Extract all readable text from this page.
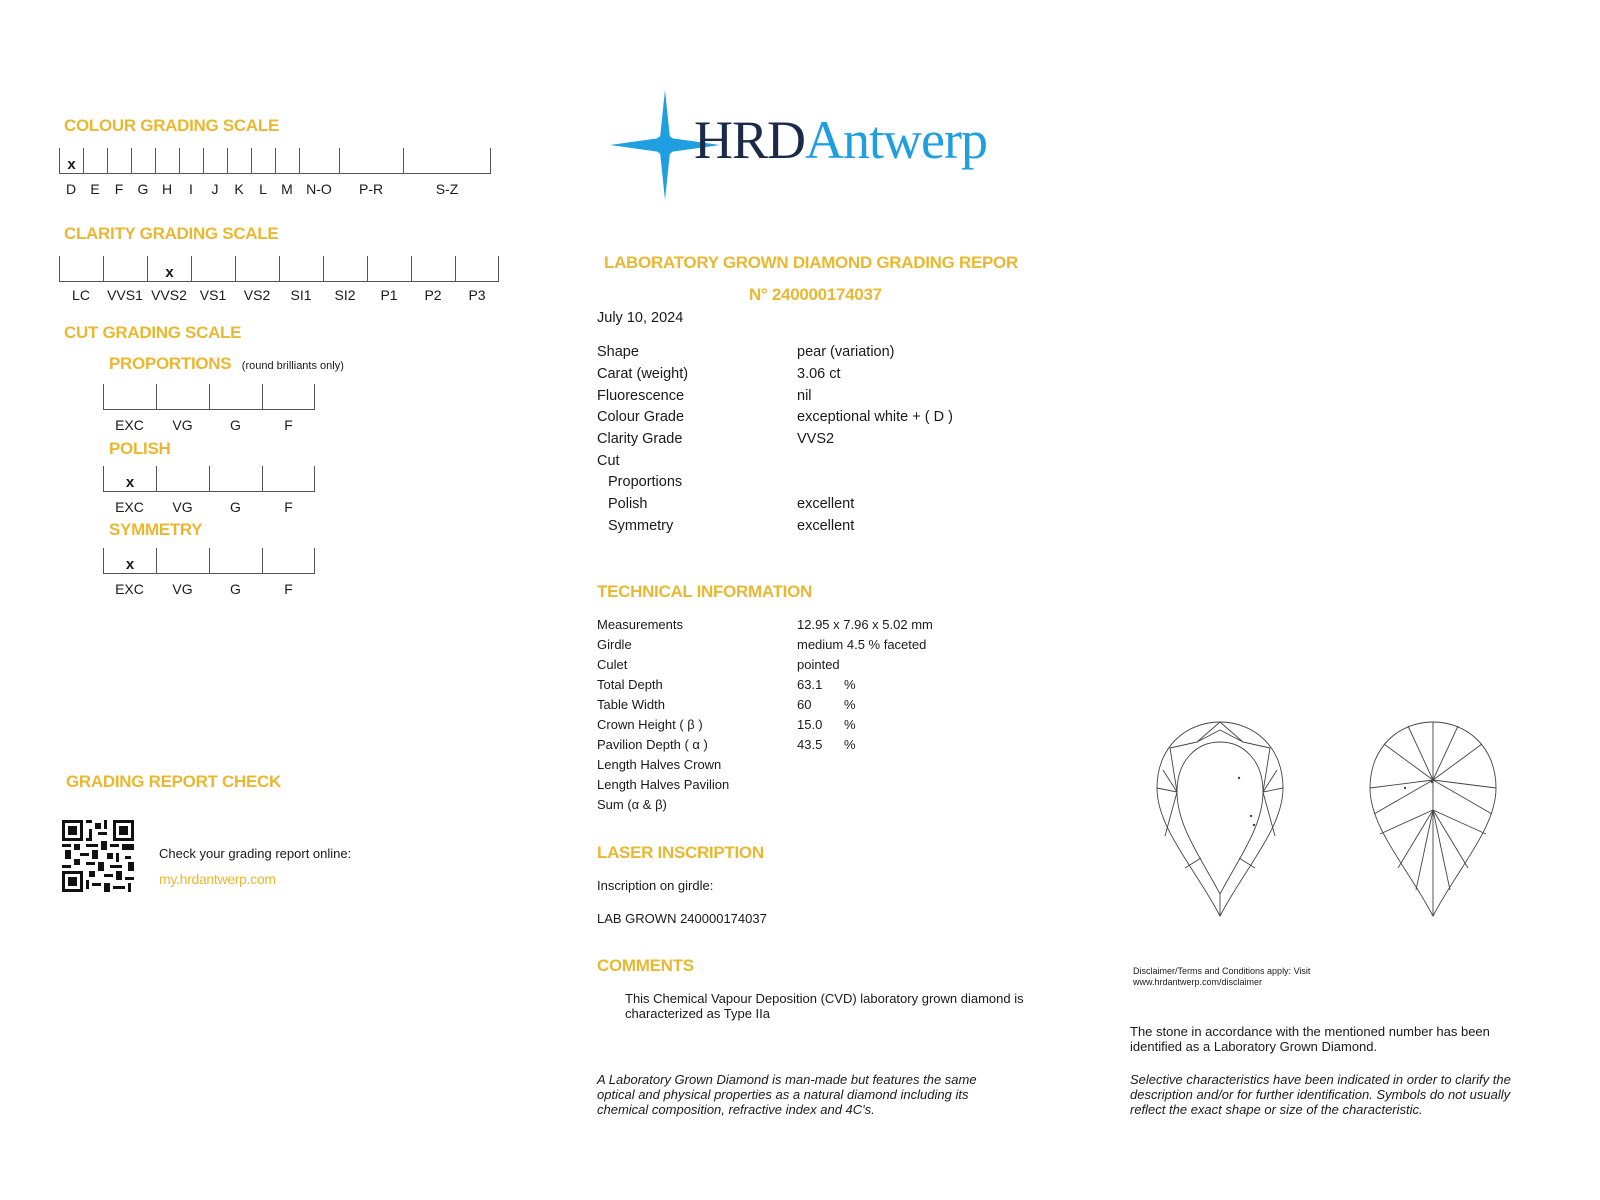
COLOUR GRADING SCALE
x
D	E	F	G H	I	J	K	L	M N-O	P-R	S-Z
CLARITY GRADING SCALE
x
LC	VVS1 VVS2 VS1	VS2	SI1	SI2	P1	P2	P3
CUT GRADING SCALE
PROPORTIONS (round brilliants only)
EXC	VG	G	F
POLISH
x
EXC	VG	G	F
SYMMETRY
x
EXC	VG	G	F
GRADING REPORT CHECK
Check your grading report online:
my.hrdantwerp.com
HRDAntwerp
LABORATORY GROWN DIAMOND GRADING REPOR
N° 240000174037
July 10, 2024
Shape	pear (variation)
Carat (weight)	3.06 ct
Fluorescence	nil
Colour Grade	exceptional white + ( D )
Clarity Grade	VVS2
Cut
Proportions
Polish	excellent
Symmetry	excellent
TECHNICAL INFORMATION
Measurements	12.95 x 7.96 x 5.02 mm
Girdle	medium 4.5 % faceted
Culet	pointed
Total Depth	63.1 %
Table Width	60	%
Crown Height ( β )	15.0 %
Pavilion Depth ( α )	43.5 %
Length Halves Crown
Length Halves Pavilion
Sum (α & β)
LASER INSCRIPTION
Inscription on girdle:
LAB GROWN 240000174037
COMMENTS
This Chemical Vapour Deposition (CVD) laboratory grown diamond is
characterized as Type IIa
A Laboratory Grown Diamond is man-made but features the same
optical and physical properties as a natural diamond including its
chemical composition, refractive index and 4C's.
Disclaimer/Terms and Conditions apply: Visit
www.hrdantwerp.com/disclaimer
The stone in accordance with the mentioned number has been
identified as a Laboratory Grown Diamond.
Selective characteristics have been indicated in order to clarify the
description and/or for further identification. Symbols do not usually
reflect the exact shape or size of the characteristic.
